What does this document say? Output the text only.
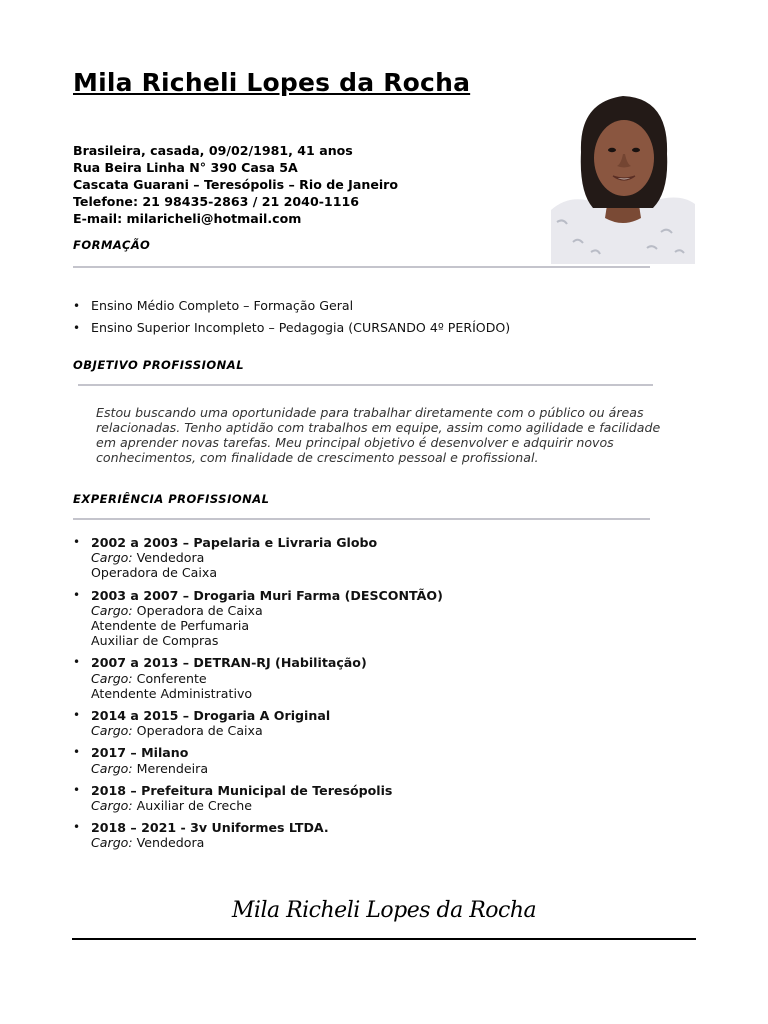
Mila Richeli Lopes da Rocha
Brasileira, casada, 09/02/1981, 41 anos
Rua Beira Linha N° 390 Casa 5A
Cascata Guarani – Teresópolis – Rio de Janeiro
Telefone: 21 98435-2863 / 21 2040-1116
E-mail: milaricheli@hotmail.com
FORMAÇÃO
• Ensino Médio Completo – Formação Geral
• Ensino Superior Incompleto – Pedagogia (CURSANDO 4º PERÍODO)
OBJETIVO PROFISSIONAL
Estou buscando uma oportunidade para trabalhar diretamente com o público ou áreas
relacionadas. Tenho aptidão com trabalhos em equipe, assim como agilidade e facilidade
em aprender novas tarefas. Meu principal objetivo é desenvolver e adquirir novos
conhecimentos, com finalidade de crescimento pessoal e profissional.
EXPERIÊNCIA PROFISSIONAL
• 2002 a 2003 – Papelaria e Livraria Globo
Cargo: Vendedora
Operadora de Caixa
• 2003 a 2007 – Drogaria Muri Farma (DESCONTÃO)
Cargo: Operadora de Caixa
Atendente de Perfumaria
Auxiliar de Compras
• 2007 a 2013 – DETRAN-RJ (Habilitação)
Cargo: Conferente
Atendente Administrativo
• 2014 a 2015 – Drogaria A Original
Cargo: Operadora de Caixa
• 2017 – Milano
Cargo: Merendeira
• 2018 – Prefeitura Municipal de Teresópolis
Cargo: Auxiliar de Creche
• 2018 – 2021 - 3v Uniformes LTDA.
Cargo: Vendedora
Mila Richeli Lopes da Rocha
